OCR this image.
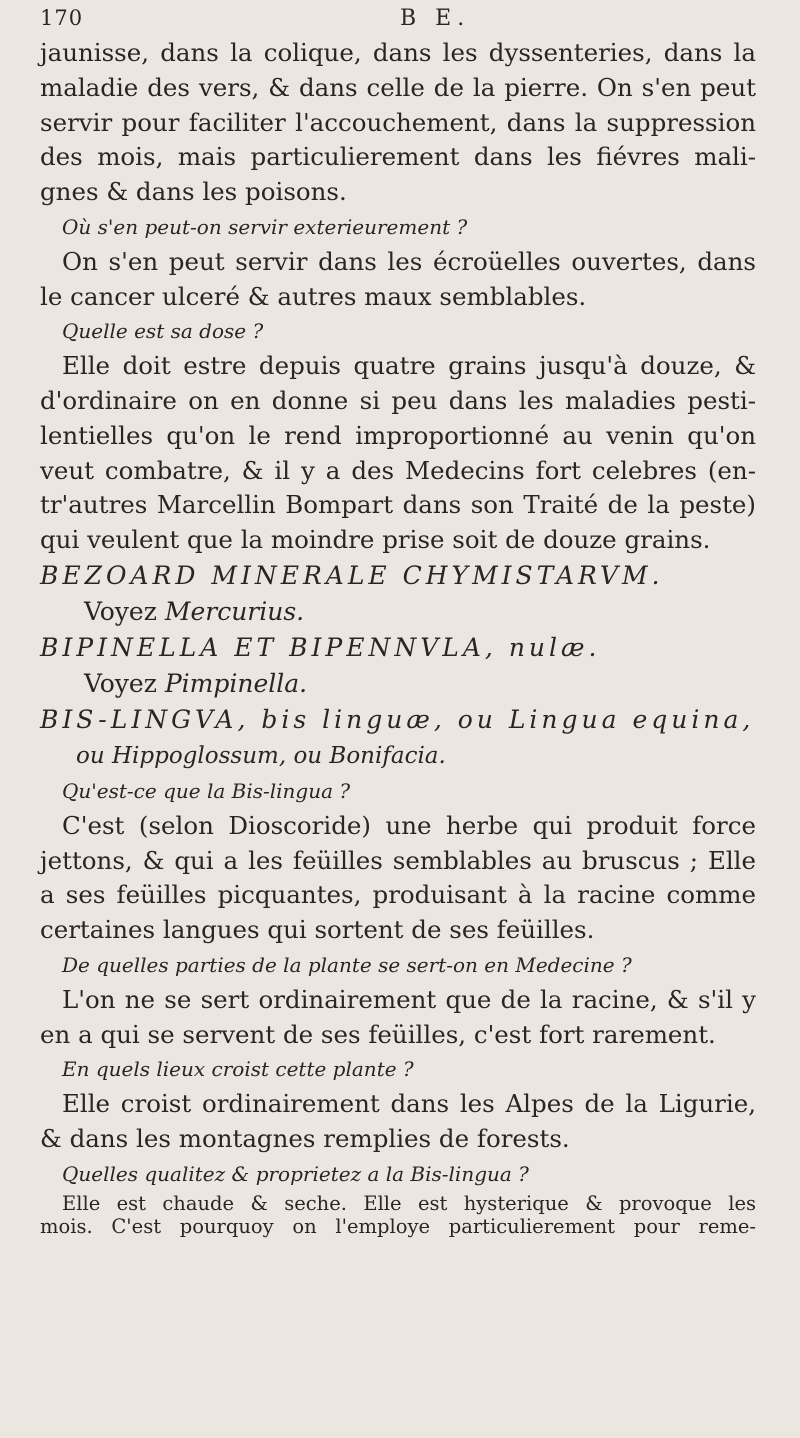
170	B E.
jaunisse, dans la colique, dans les dyssenteries, dans la
maladie des vers, & dans celle de la pierre. On s'en peut
servir pour faciliter l'accouchement, dans la suppression
des mois, mais particulierement dans les fiévres mali-
gnes & dans les poisons.
Où s'en peut-on servir exterieurement ?
On s'en peut servir dans les écroüelles ouvertes, dans
le cancer ulceré & autres maux semblables.
Quelle est sa dose ?
Elle doit estre depuis quatre grains jusqu'à douze, &
d'ordinaire on en donne si peu dans les maladies pesti-
lentielles qu'on le rend improportionné au venin qu'on
veut combatre, & il y a des Medecins fort celebres (en-
tr'autres Marcellin Bompart dans son Traité de la peste)
qui veulent que la moindre prise soit de douze grains.
BEZOARD MINERALE CHYMISTARVM.
Voyez Mercurius.
BIPINELLA ET BIPENNVLA, nulæ.
Voyez Pimpinella.
BIS-LINGVA, bis linguæ, ou Lingua equina,
ou Hippoglossum, ou Bonifacia.
Qu'est-ce que la Bis-lingua ?
C'est (selon Dioscoride) une herbe qui produit force
jettons, & qui a les feüilles semblables au bruscus ; Elle
a ses feüilles picquantes, produisant à la racine comme
certaines langues qui sortent de ses feüilles.
De quelles parties de la plante se sert-on en Medecine ?
L'on ne se sert ordinairement que de la racine, & s'il y
en a qui se servent de ses feüilles, c'est fort rarement.
En quels lieux croist cette plante ?
Elle croist ordinairement dans les Alpes de la Ligurie,
& dans les montagnes remplies de forests.
Quelles qualitez & proprietez a la Bis-lingua ?
Elle est chaude & seche. Elle est hysterique & provoque les
mois. C'est pourquoy on l'employe particulierement pour reme-
